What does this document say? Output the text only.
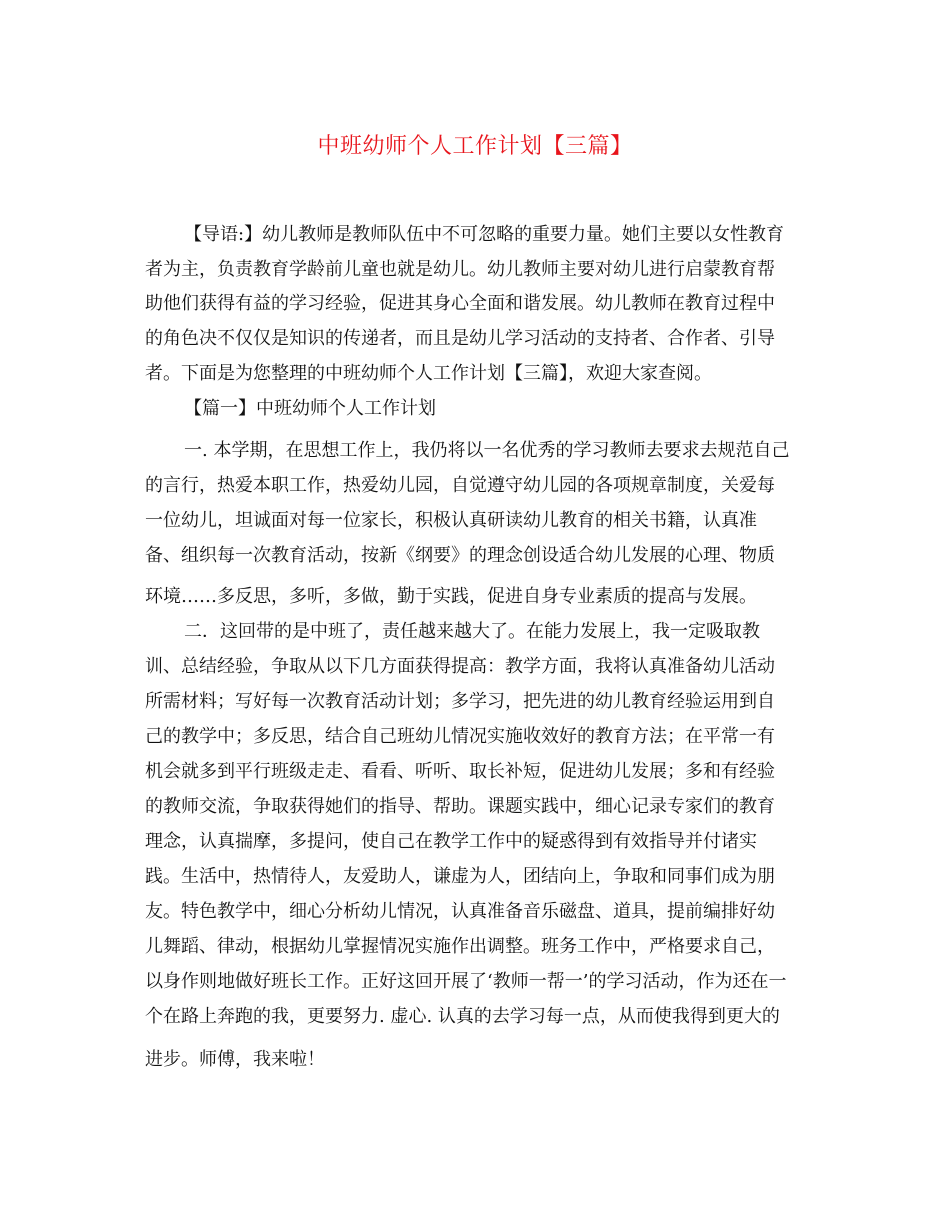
中班幼师个人工作计划【三篇】
【导语:】幼儿教师是教师队伍中不可忽略的重要力量。她们主要以女性教育
者为主，负责教育学龄前儿童也就是幼儿。幼儿教师主要对幼儿进行启蒙教育帮
助他们获得有益的学习经验，促进其身心全面和谐发展。幼儿教师在教育过程中
的角色决不仅仅是知识的传递者，而且是幼儿学习活动的支持者、合作者、引导
者。下面是为您整理的中班幼师个人工作计划【三篇】，欢迎大家查阅。
【篇一】中班幼师个人工作计划
一. 本学期，在思想工作上，我仍将以一名优秀的学习教师去要求去规范自己
的言行，热爱本职工作，热爱幼儿园，自觉遵守幼儿园的各项规章制度，关爱每
一位幼儿，坦诚面对每一位家长，积极认真研读幼儿教育的相关书籍，认真准
备、组织每一次教育活动，按新《纲要》的理念创设适合幼儿发展的心理、物质
环境……多反思，多听，多做，勤于实践，促进自身专业素质的提高与发展。
二．这回带的是中班了，责任越来越大了。在能力发展上，我一定吸取教
训、总结经验，争取从以下几方面获得提高：教学方面，我将认真准备幼儿活动
所需材料；写好每一次教育活动计划；多学习，把先进的幼儿教育经验运用到自
己的教学中；多反思，结合自己班幼儿情况实施收效好的教育方法；在平常一有
机会就多到平行班级走走、看看、听听、取长补短，促进幼儿发展；多和有经验
的教师交流，争取获得她们的指导、帮助。课题实践中，细心记录专家们的教育
理念，认真揣摩，多提问，使自己在教学工作中的疑惑得到有效指导并付诸实
践。生活中，热情待人，友爱助人，谦虚为人，团结向上，争取和同事们成为朋
友。特色教学中，细心分析幼儿情况，认真准备音乐磁盘、道具，提前编排好幼
儿舞蹈、律动，根据幼儿掌握情况实施作出调整。班务工作中，严格要求自己，
以身作则地做好班长工作。正好这回开展了‘教师一帮一’的学习活动，作为还在一
个在路上奔跑的我，更要努力. 虚心. 认真的去学习每一点，从而使我得到更大的
进步。师傅，我来啦！
